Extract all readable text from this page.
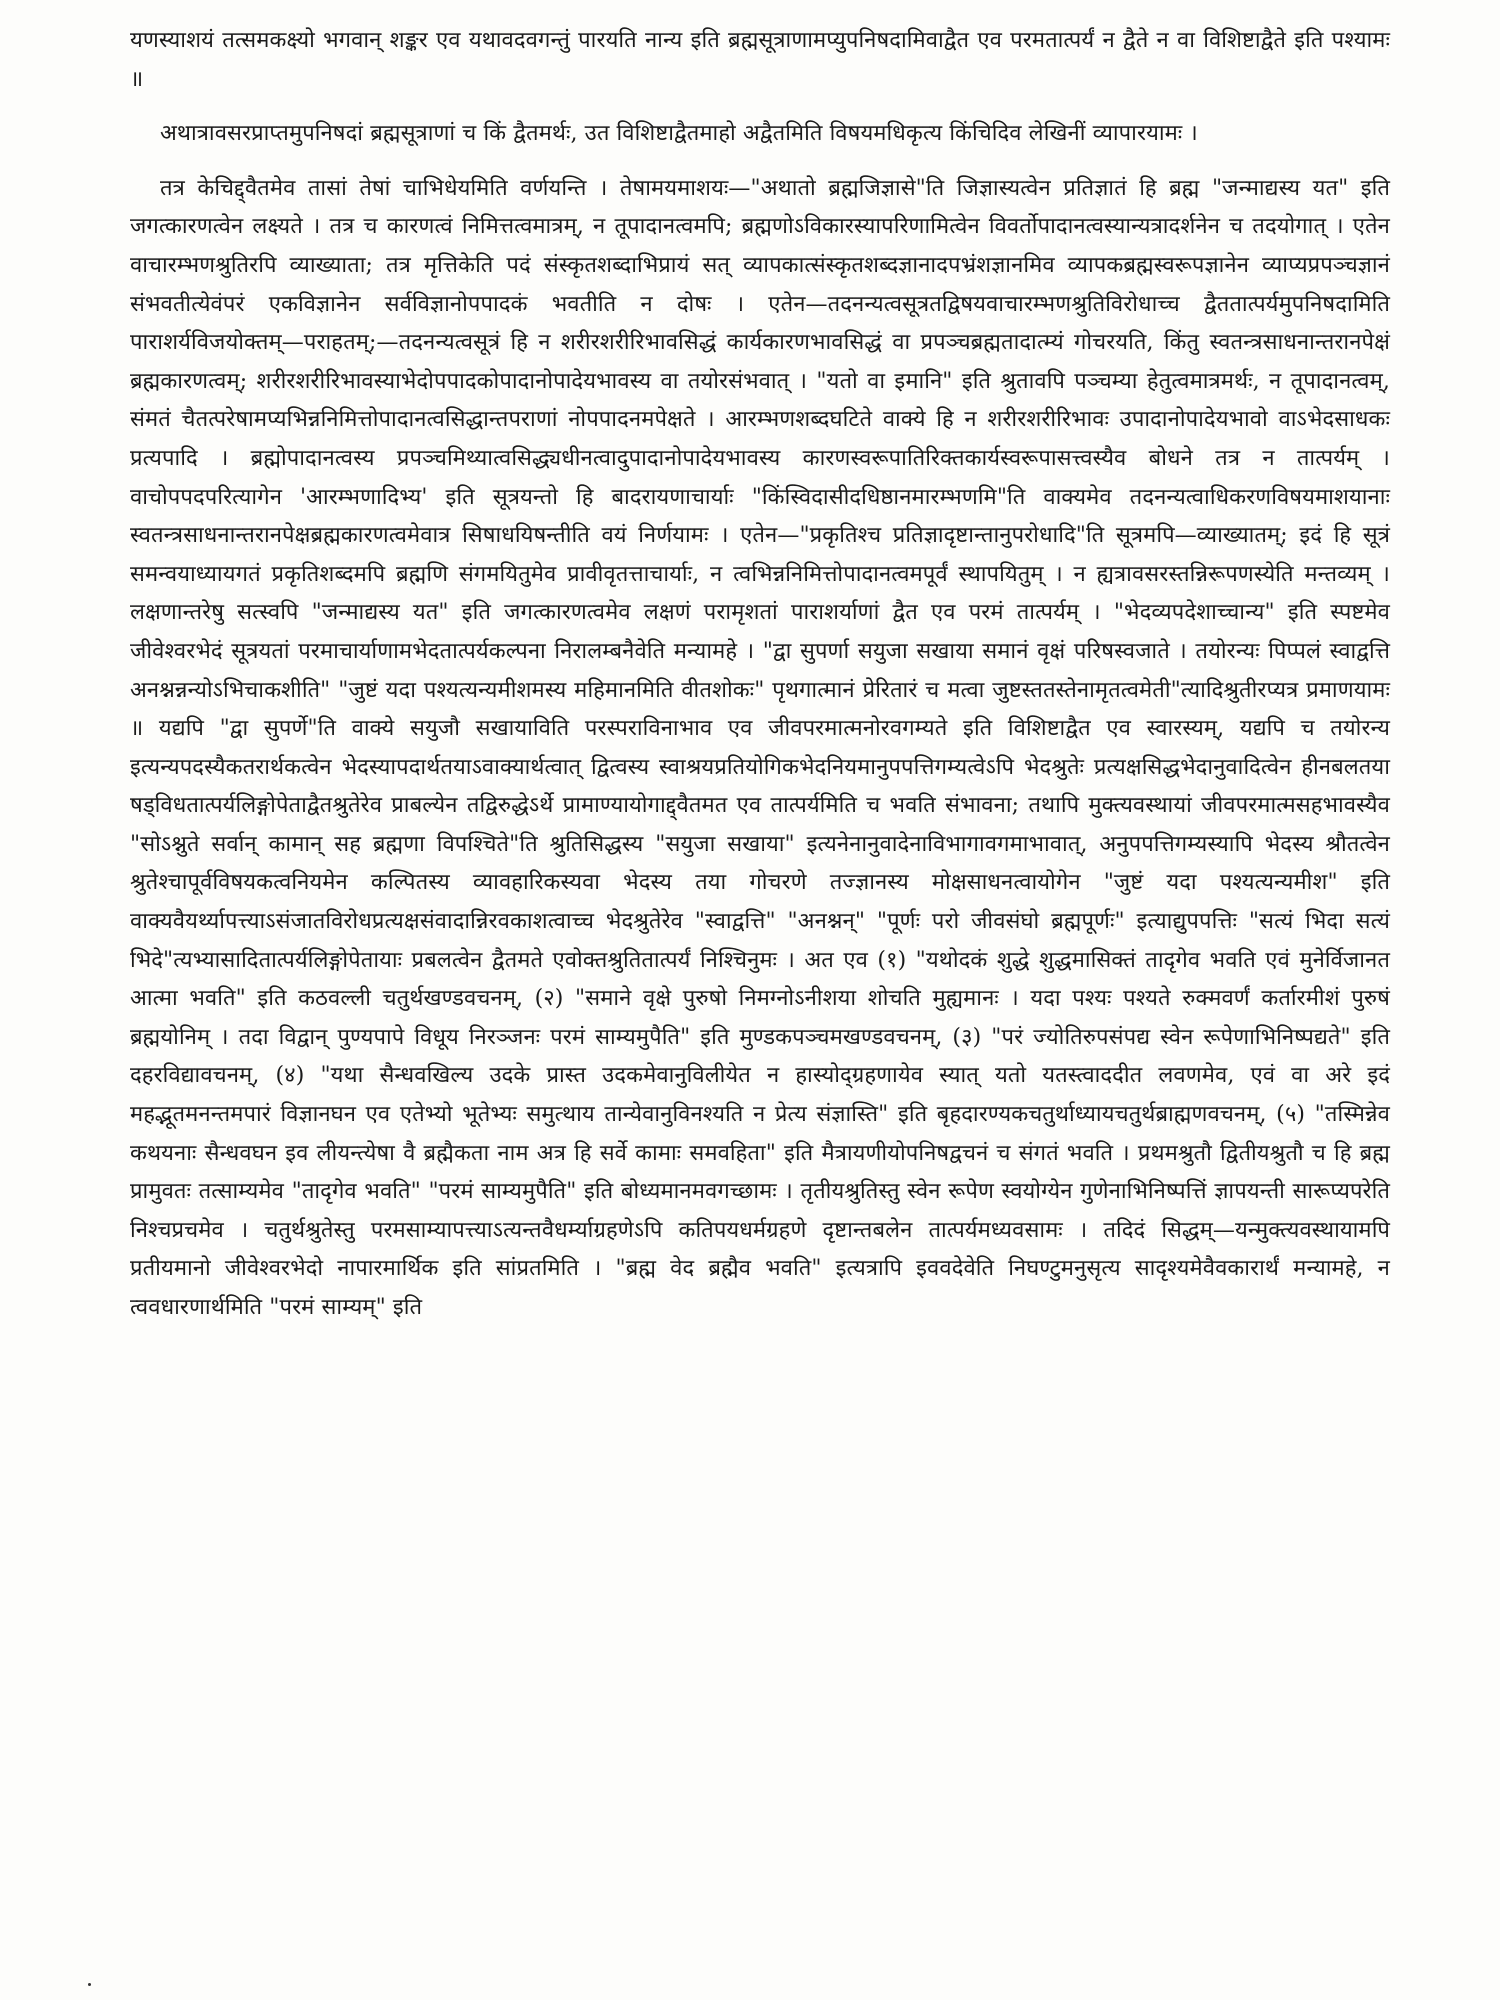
यणस्याशयं तत्समकक्ष्यो भगवान् शङ्कर एव यथावदवगन्तुं पारयति नान्य इति ब्रह्मसूत्राणामप्युपनिषदामिवाद्वैत एव परमतात्पर्यं न द्वैते न वा विशिष्टाद्वैते इति पश्यामः ॥

अथात्रावसरप्राप्तमुपनिषदां ब्रह्मसूत्राणां च किं द्वैतमर्थः, उत विशिष्टाद्वैतमाहो अद्वैतमिति विषयमधिकृत्य किंचिदिव लेखिनीं व्यापारयामः ।

तत्र केचिद्द्वैतमेव तासां तेषां चाभिधेयमिति वर्णयन्ति । तेषामयमाशयः—"अथातो ब्रह्मजिज्ञासे"ति जिज्ञास्यत्वेन प्रतिज्ञातं हि ब्रह्म "जन्माद्यस्य यत" इति जगत्कारणत्वेन लक्ष्यते । तत्र च कारणत्वं निमित्तत्वमात्रम्, न तूपादानत्वमपि; ब्रह्मणोऽविकारस्यापरिणामित्वेन विवर्तोपादानत्वस्यान्यत्रादर्शनेन च तदयोगात् । एतेन वाचारम्भणश्रुतिरपि व्याख्याता; तत्र मृत्तिकेति पदं संस्कृतशब्दाभिप्रायं सत् व्यापकात्संस्कृतशब्दज्ञानादपभ्रंशज्ञानमिव व्यापकब्रह्मस्वरूपज्ञानेन व्याप्यप्रपञ्चज्ञानं संभवतीत्येवंपरं एकविज्ञानेन सर्वविज्ञानोपपादकं भवतीति न दोषः । एतेन—तदनन्यत्वसूत्रतद्विषयवाचारम्भणश्रुतिविरोधाच्च द्वैततात्पर्यमुपनिषदामिति पाराशर्यविजयोक्तम्—पराहतम्;—तदनन्यत्वसूत्रं हि न शरीरशरीरिभावसिद्धं कार्यकारणभावसिद्धं वा प्रपञ्चब्रह्मतादात्म्यं गोचरयति, किंतु स्वतन्त्रसाधनान्तरानपेक्षं ब्रह्मकारणत्वम्; शरीरशरीरिभावस्याभेदोपपादकोपादानोपादेयभावस्य वा तयोरसंभवात् । "यतो वा इमानि" इति श्रुतावपि पञ्चम्या हेतुत्वमात्रमर्थः, न तूपादानत्वम्, संमतं चैतत्परेषामप्यभिन्ननिमित्तोपादानत्वसिद्धान्तपराणां नोपपादनमपेक्षते । आरम्भणशब्दघटिते वाक्ये हि न शरीरशरीरिभावः उपादानोपादेयभावो वाऽभेदसाधकः प्रत्यपादि । ब्रह्मोपादानत्वस्य प्रपञ्चमिथ्यात्वसिद्ध्यधीनत्वादुपादानोपादेयभावस्य कारणस्वरूपातिरिक्तकार्यस्वरूपासत्त्वस्यैव बोधने तत्र न तात्पर्यम् । वाचोपपदपरित्यागेन 'आरम्भणादिभ्य' इति सूत्रयन्तो हि बादरायणाचार्याः "किंस्विदासीदधिष्ठानमारम्भणमि"ति वाक्यमेव तदनन्यत्वाधिकरणविषयमाशयानाः स्वतन्त्रसाधनान्तरानपेक्षब्रह्मकारणत्वमेवात्र सिषाधयिषन्तीति वयं निर्णयामः । एतेन—"प्रकृतिश्च प्रतिज्ञादृष्टान्तानुपरोधादि"ति सूत्रमपि—व्याख्यातम्; इदं हि सूत्रं समन्वयाध्यायगतं प्रकृतिशब्दमपि ब्रह्मणि संगमयितुमेव प्रावीवृतत्ताचार्याः, न त्वभिन्ननिमित्तोपादानत्वमपूर्वं स्थापयितुम् । न ह्यत्रावसरस्तन्निरूपणस्येति मन्तव्यम् । लक्षणान्तरेषु सत्स्वपि "जन्माद्यस्य यत" इति जगत्कारणत्वमेव लक्षणं परामृशतां पाराशर्याणां द्वैत एव परमं तात्पर्यम् । "भेदव्यपदेशाच्चान्य" इति स्पष्टमेव जीवेश्वरभेदं सूत्रयतां परमाचार्याणामभेदतात्पर्यकल्पना निरालम्बनैवेति मन्यामहे । "द्वा सुपर्णा सयुजा सखाया समानं वृक्षं परिषस्वजाते । तयोरन्यः पिप्पलं स्वाद्वत्ति अनश्नन्नन्योऽभिचाकशीति" "जुष्टं यदा पश्यत्यन्यमीशमस्य महिमानमिति वीतशोकः" पृथगात्मानं प्रेरितारं च मत्वा जुष्टस्ततस्तेनामृतत्वमेती"त्यादिश्रुतीरप्यत्र प्रमाणयामः ॥ यद्यपि "द्वा सुपर्णे"ति वाक्ये सयुजौ सखायाविति परस्पराविनाभाव एव जीवपरमात्मनोरवगम्यते इति विशिष्टाद्वैत एव स्वारस्यम्, यद्यपि च तयोरन्य इत्यन्यपदस्यैकतरार्थकत्वेन भेदस्यापदार्थतयाऽवाक्यार्थत्वात् द्वित्वस्य स्वाश्रयप्रतियोगिकभेदनियमानुपपत्तिगम्यत्वेऽपि भेदश्रुतेः प्रत्यक्षसिद्धभेदानुवादित्वेन हीनबलतया षड्विधतात्पर्यलिङ्गोपेताद्वैतश्रुतेरेव प्राबल्येन तद्विरुद्धेऽर्थे प्रामाण्यायोगाद्द्वैतमत एव तात्पर्यमिति च भवति संभावना; तथापि मुक्त्यवस्थायां जीवपरमात्मसहभावस्यैव "सोऽश्नुते सर्वान् कामान् सह ब्रह्मणा विपश्चिते"ति श्रुतिसिद्धस्य "सयुजा सखाया" इत्यनेनानुवादेनाविभागावगमाभावात्, अनुपपत्तिगम्यस्यापि भेदस्य श्रौतत्वेन श्रुतेश्चापूर्वविषयकत्वनियमेन कल्पितस्य व्यावहारिकस्यवा भेदस्य तया गोचरणे तज्ज्ञानस्य मोक्षसाधनत्वायोगेन "जुष्टं यदा पश्यत्यन्यमीश" इति वाक्यवैयर्थ्यापत्त्याऽसंजातविरोधप्रत्यक्षसंवादान्निरवकाशत्वाच्च भेदश्रुतेरेव "स्वाद्वत्ति" "अनश्नन्" "पूर्णः परो जीवसंघो ब्रह्मपूर्णः" इत्याद्युपपत्तिः "सत्यं भिदा सत्यं भिदे"त्यभ्यासादितात्पर्यलिङ्गोपेतायाः प्रबलत्वेन द्वैतमते एवोक्तश्रुतितात्पर्यं निश्चिनुमः । अत एव (१) "यथोदकं शुद्धे शुद्धमासिक्तं तादृगेव भवति एवं मुनेर्विजानत आत्मा भवति" इति कठवल्ली चतुर्थखण्डवचनम्, (२) "समाने वृक्षे पुरुषो निमग्नोऽनीशया शोचति मुह्यमानः । यदा पश्यः पश्यते रुक्मवर्णं कर्तारमीशं पुरुषं ब्रह्मयोनिम् । तदा विद्वान् पुण्यपापे विधूय निरञ्जनः परमं साम्यमुपैति" इति मुण्डकपञ्चमखण्डवचनम्, (३) "परं ज्योतिरुपसंपद्य स्वेन रूपेणाभिनिष्पद्यते" इति दहरविद्यावचनम्, (४) "यथा सैन्धवखिल्य उदके प्रास्त उदकमेवानुविलीयेत न हास्योद्ग्रहणायेव स्यात् यतो यतस्त्वाददीत लवणमेव, एवं वा अरे इदं महद्भूतमनन्तमपारं विज्ञानघन एव एतेभ्यो भूतेभ्यः समुत्थाय तान्येवानुविनश्यति न प्रेत्य संज्ञास्ति" इति बृहदारण्यकचतुर्थाध्यायचतुर्थब्राह्मणवचनम्, (५) "तस्मिन्नेव कथयनाः सैन्धवघन इव लीयन्त्येषा वै ब्रह्मैकता नाम अत्र हि सर्वे कामाः समवहिता" इति मैत्रायणीयोपनिषद्वचनं च संगतं भवति । प्रथमश्रुतौ द्वितीयश्रुतौ च हि ब्रह्म प्रामुवतः तत्साम्यमेव "तादृगेव भवति" "परमं साम्यमुपैति" इति बोध्यमानमवगच्छामः । तृतीयश्रुतिस्तु स्वेन रूपेण स्वयोग्येन गुणेनाभिनिष्पत्तिं ज्ञापयन्ती सारूप्यपरेति निश्चप्रचमेव । चतुर्थश्रुतेस्तु परमसाम्यापत्त्याऽत्यन्तवैधर्म्याग्रहणेऽपि कतिपयधर्मग्रहणे दृष्टान्तबलेन तात्पर्यमध्यवसामः । तदिदं सिद्धम्—यन्मुक्त्यवस्थायामपि प्रतीयमानो जीवेश्वरभेदो नापारमार्थिक इति सांप्रतमिति । "ब्रह्म वेद ब्रह्मैव भवति" इत्यत्रापि इववदेवेति निघण्टुमनुसृत्य सादृश्यमेवैवकारार्थं मन्यामहे, न त्ववधारणार्थमिति "परमं साम्यम्" इति
